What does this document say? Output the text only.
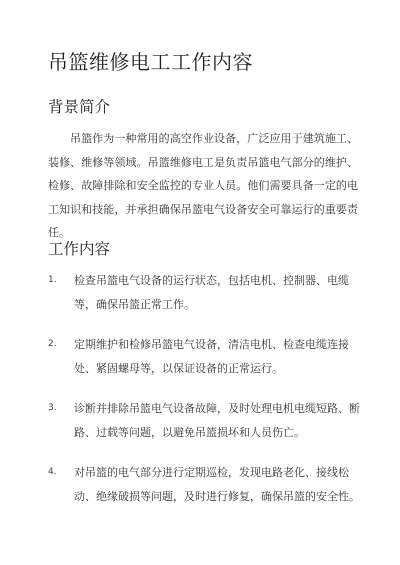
吊篮维修电工工作内容
背景简介

吊篮作为一种常用的高空作业设备，广泛应用于建筑施工、装修、维修等领域。吊篮维修电工是负责吊篮电气部分的维护、检修、故障排除和安全监控的专业人员。他们需要具备一定的电工知识和技能，并承担确保吊篮电气设备安全可靠运行的重要责任。

工作内容
1. 检查吊篮电气设备的运行状态，包括电机、控制器、电缆等，确保吊篮正常工作。
2. 定期维护和检修吊篮电气设备，清洁电机、检查电缆连接处、紧固螺母等，以保证设备的正常运行。
3. 诊断并排除吊篮电气设备故障，及时处理电机电缆短路、断路、过载等问题，以避免吊篮损坏和人员伤亡。
4. 对吊篮的电气部分进行定期巡检，发现电路老化、接线松动、绝缘破损等问题，及时进行修复，确保吊篮的安全性。
